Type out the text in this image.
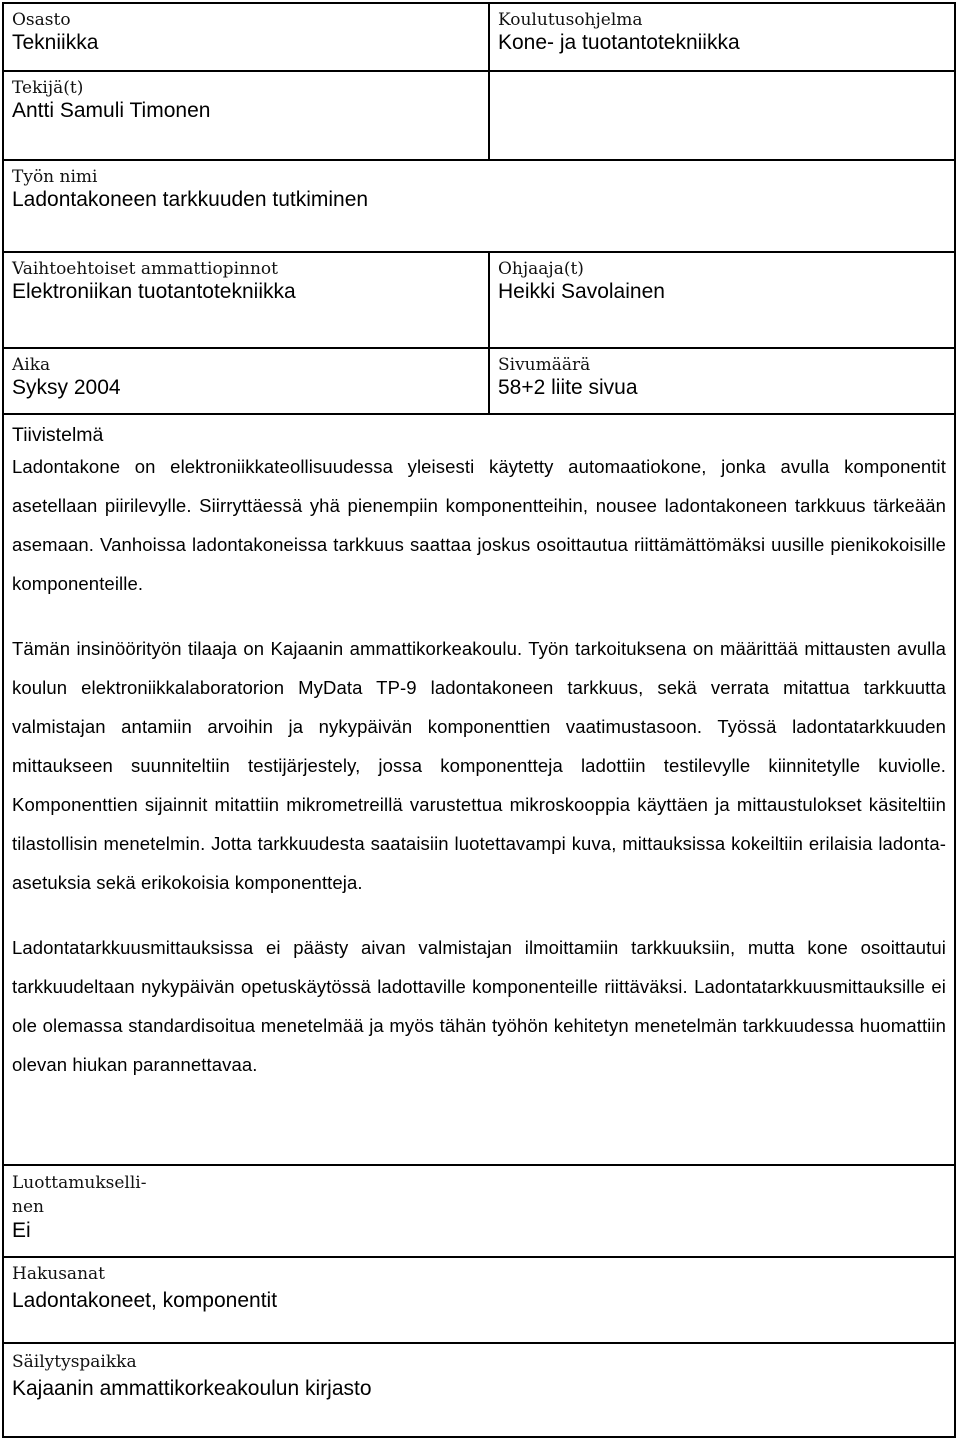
Osasto
Tekniikka
Tekijä(t)
Antti Samuli Timonen
Koulutusohjelma
Kone- ja tuotantotekniikka
Työn nimi
Ladontakoneen tarkkuuden tutkiminen
Vaihtoehtoiset ammattiopinnot
Elektroniikan tuotantotekniikka
Ohjaaja(t)
Heikki Savolainen
Aika
Syksy 2004
Sivumäärä
58+2 liite sivua
Tiivistelmä

Ladontakone on elektroniikkateollisuudessa yleisesti käytetty automaatiokone, jonka avulla komponentit asetellaan piirilevylle. Siirryttäessä yhä pienempiin komponentteihin, nousee ladontakoneen tarkkuus tärkeään asemaan. Vanhoissa ladontakoneissa tarkkuus saattaa joskus osoittautua riittämättömäksi uusille pienikokoisille komponenteille.

Tämän insinöörityön tilaaja on Kajaanin ammattikorkeakoulu. Työn tarkoituksena on määrittää mittausten avulla koulun elektroniikkalaboratorion MyData TP-9 ladontakoneen tarkkuus, sekä verrata mitattua tarkkuutta valmistajan antamiin arvoihin ja nykypäivän komponenttien vaatimustasoon. Työssä ladontatarkkuuden mittaukseen suunniteltiin testijärjestely, jossa komponentteja ladottiin testilevylle kiinnitetylle kuviolle. Komponenttien sijainnit mitattiin mikrometreillä varustettua mikroskooppia käyttäen ja mittaustulokset käsiteltiin tilastollisin menetelmin. Jotta tarkkuudesta saataisiin luotettavampi kuva, mittauksissa kokeiltiin erilaisia ladonta-asetuksia sekä erikokoisia komponentteja.

Ladontatarkkuusmittauksissa ei päästy aivan valmistajan ilmoittamiin tarkkuuksiin, mutta kone osoittautui tarkkuudeltaan nykypäivän opetuskäytössä ladottaville komponenteille riittäväksi. Ladontatarkkuusmittauksille ei ole olemassa standardisoitua menetelmää ja myös tähän työhön kehitetyn menetelmän tarkkuudessa huomattiin olevan hiukan parannettavaa.

Luottamukselli-
nen
Ei
Hakusanat
Ladontakoneet, komponentit
Säilytyspaikka
Kajaanin ammattikorkeakoulun kirjasto
